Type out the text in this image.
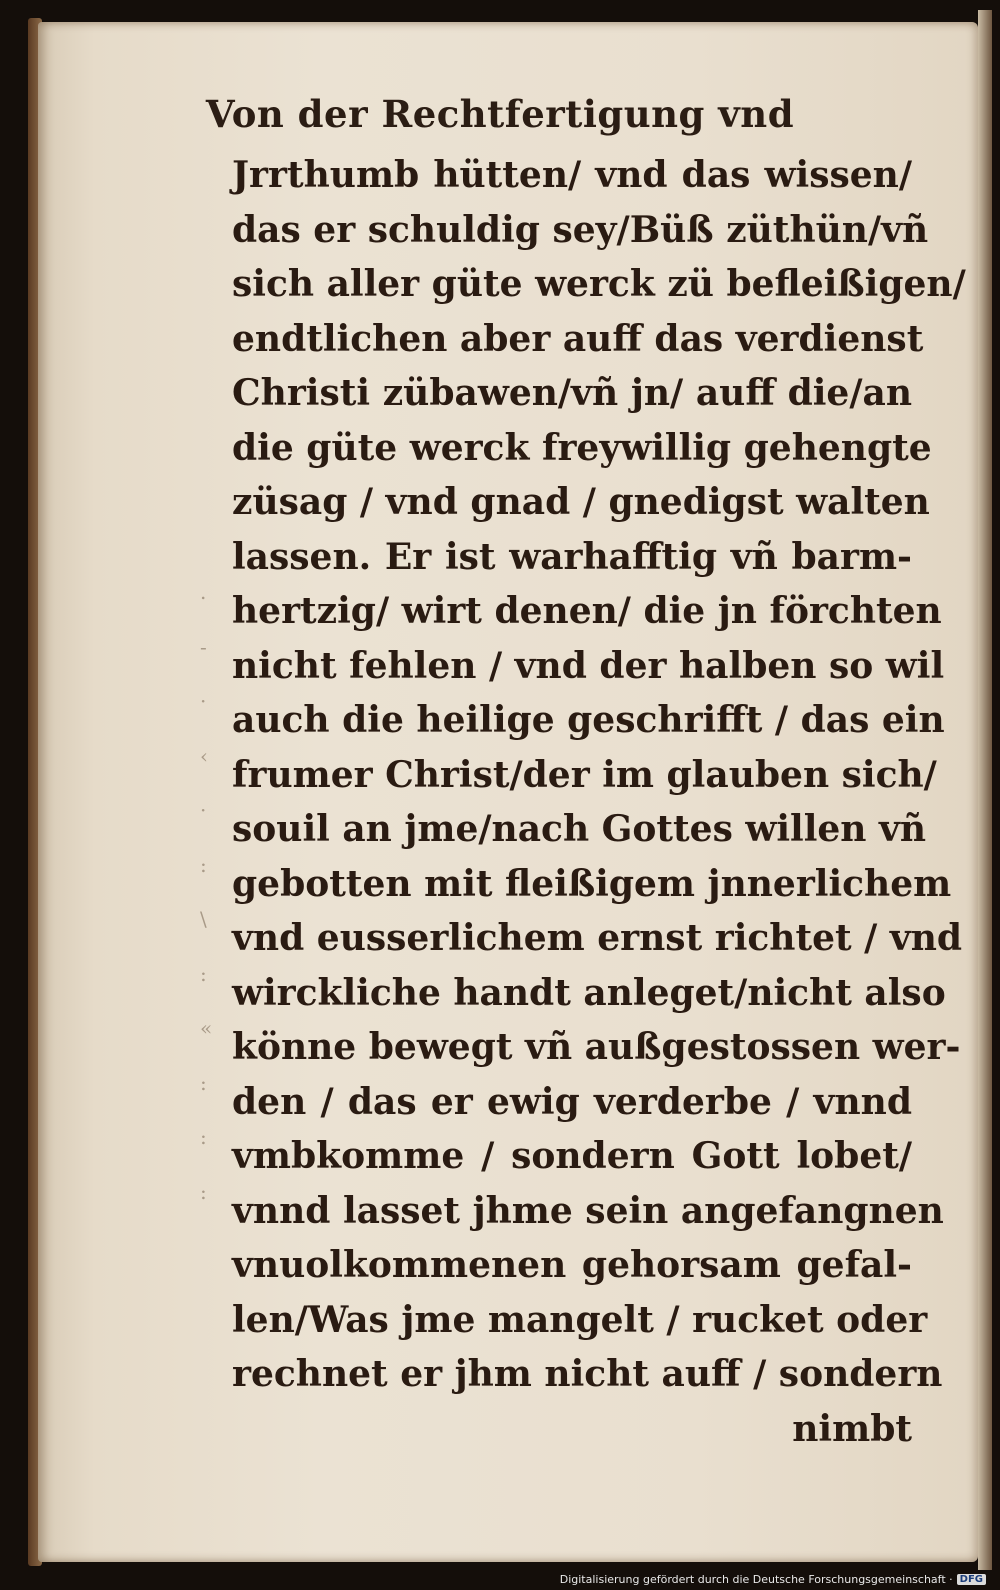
Von der Rechtfertigung vnd
.
-
·
‹
·
:
\
:
«
:
:
:
Jrrthumb hütten/ vnd das wissen/
das er schuldig sey/Büß züthün/vñ
sich aller güte werck zü befleißigen/
endtlichen aber auff das verdienst
Christi zübawen/vñ jn/ auff die/an
die güte werck freywillig gehengte
züsag / vnd gnad / gnedigst walten
lassen. Er ist warhafftig vñ barm-
hertzig/ wirt denen/ die jn förchten
nicht fehlen / vnd der halben so wil
auch die heilige geschrifft / das ein
frumer Christ/der im glauben sich/
souil an jme/nach Gottes willen vñ
gebotten mit fleißigem jnnerlichem
vnd eusserlichem ernst richtet / vnd
wirckliche handt anleget/nicht also
könne bewegt vñ außgestossen wer-
den / das er ewig verderbe / vnnd
vmbkomme / sondern Gott lobet/
vnnd lasset jhme sein angefangnen
vnuolkommenen gehorsam gefal-
len/Was jme mangelt / rucket oder
rechnet er jhm nicht auff / sondern
nimbt
Digitalisierung gefördert durch die Deutsche Forschungsgemeinschaft · DFG
